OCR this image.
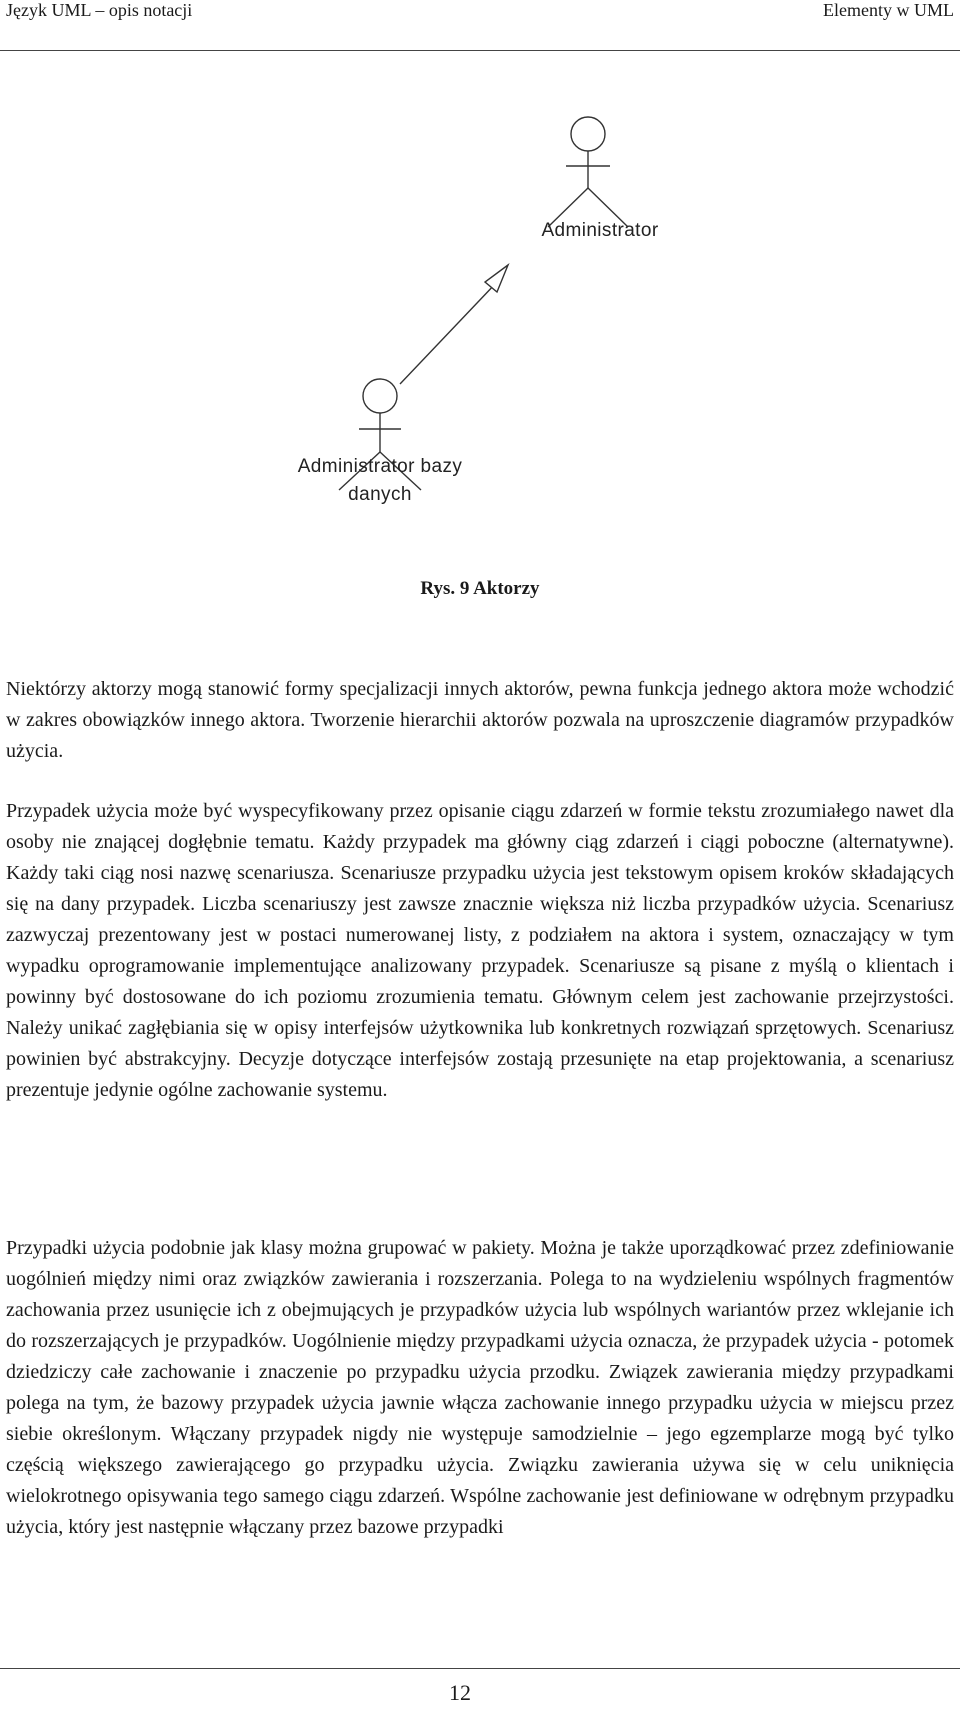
Język UML – opis notacji	Elementy w UML
Administrator
Administrator bazy
danych
Rys. 9 Aktorzy

Niektórzy aktorzy mogą stanowić formy specjalizacji innych aktorów, pewna funkcja jednego aktora może wchodzić w zakres obowiązków innego aktora. Tworzenie hierarchii aktorów pozwala na uproszczenie diagramów przypadków użycia.

Przypadek użycia może być wyspecyfikowany przez opisanie ciągu zdarzeń w formie tekstu zrozumiałego nawet dla osoby nie znającej dogłębnie tematu. Każdy przypadek ma główny ciąg zdarzeń i ciągi poboczne (alternatywne). Każdy taki ciąg nosi nazwę scenariusza. Scenariusze przypadku użycia jest tekstowym opisem kroków składających się na dany przypadek. Liczba scenariuszy jest zawsze znacznie większa niż liczba przypadków użycia. Scenariusz zazwyczaj prezentowany jest w postaci numerowanej listy, z podziałem na aktora i system, oznaczający w tym wypadku oprogramowanie implementujące analizowany przypadek. Scenariusze są pisane z myślą o klientach i powinny być dostosowane do ich poziomu zrozumienia tematu. Głównym celem jest zachowanie przejrzystości. Należy unikać zagłębiania się w opisy interfejsów użytkownika lub konkretnych rozwiązań sprzętowych. Scenariusz powinien być abstrakcyjny. Decyzje dotyczące interfejsów zostają przesunięte na etap projektowania, a scenariusz prezentuje jedynie ogólne zachowanie systemu.

Przypadki użycia podobnie jak klasy można grupować w pakiety. Można je także uporządkować przez zdefiniowanie uogólnień między nimi oraz związków zawierania i rozszerzania. Polega to na wydzieleniu wspólnych fragmentów zachowania przez usunięcie ich z obejmujących je przypadków użycia lub wspólnych wariantów przez wklejanie ich do rozszerzających je przypadków. Uogólnienie między przypadkami użycia oznacza, że przypadek użycia - potomek dziedziczy całe zachowanie i znaczenie po przypadku użycia przodku. Związek zawierania między przypadkami polega na tym, że bazowy przypadek użycia jawnie włącza zachowanie innego przypadku użycia w miejscu przez siebie określonym. Włączany przypadek nigdy nie występuje samodzielnie – jego egzemplarze mogą być tylko częścią większego zawierającego go przypadku użycia. Związku zawierania używa się w celu uniknięcia wielokrotnego opisywania tego samego ciągu zdarzeń. Wspólne zachowanie jest definiowane w odrębnym przypadku użycia, który jest następnie włączany przez bazowe przypadki

12
